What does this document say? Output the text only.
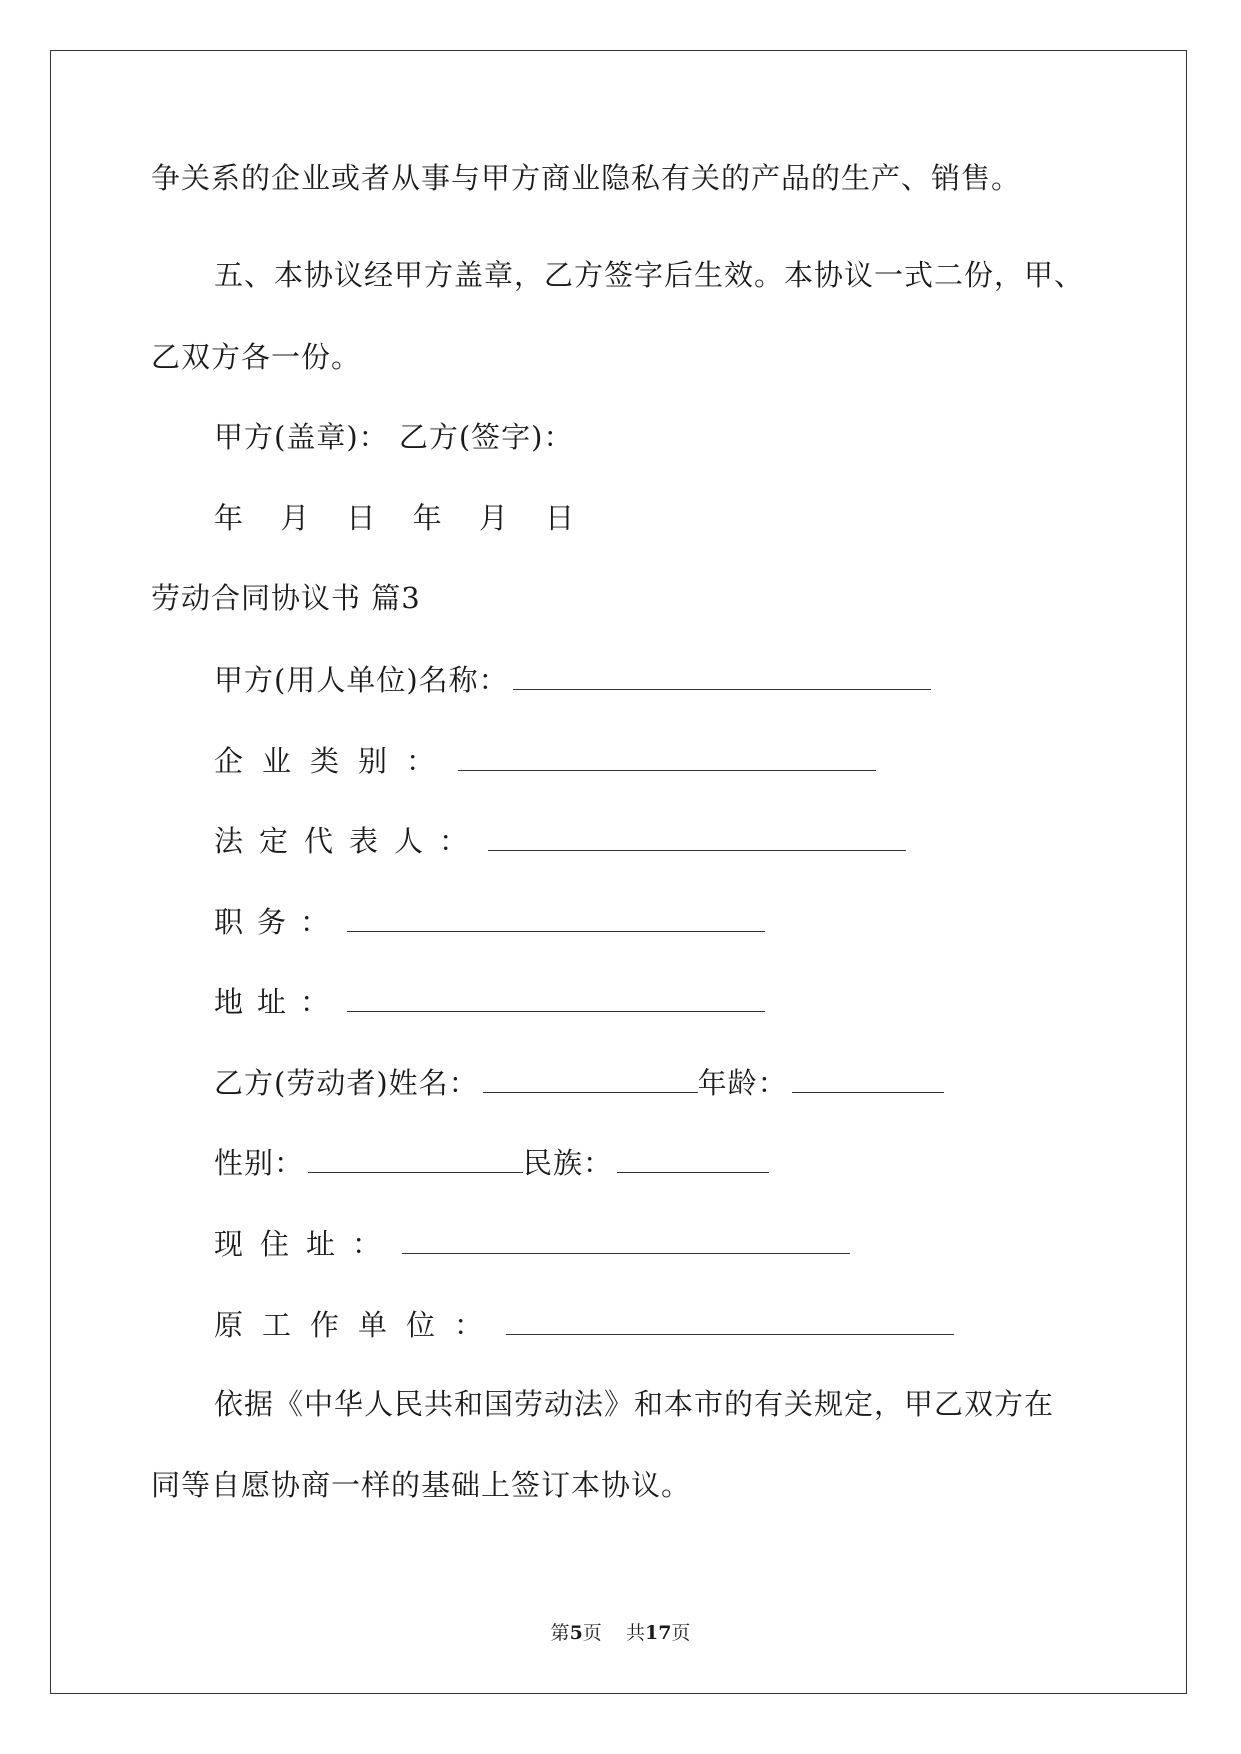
争关系的企业或者从事与甲方商业隐私有关的产品的生产、销售。
五、本协议经甲方盖章，乙方签字后生效。本协议一式二份，甲、
乙双方各一份。
甲方(盖章)： 乙方(签字)：
年 月 日 年 月 日
劳动合同协议书 篇3
甲方(用人单位)名称：
企业类别：
法定代表人：
职务：
地址：
乙方(劳动者)姓名：	年龄：
性别：	民族：
现住址：
原工作单位：
依据《中华人民共和国劳动法》和本市的有关规定，甲乙双方在
同等自愿协商一样的基础上签订本协议。
第5页    共17页
